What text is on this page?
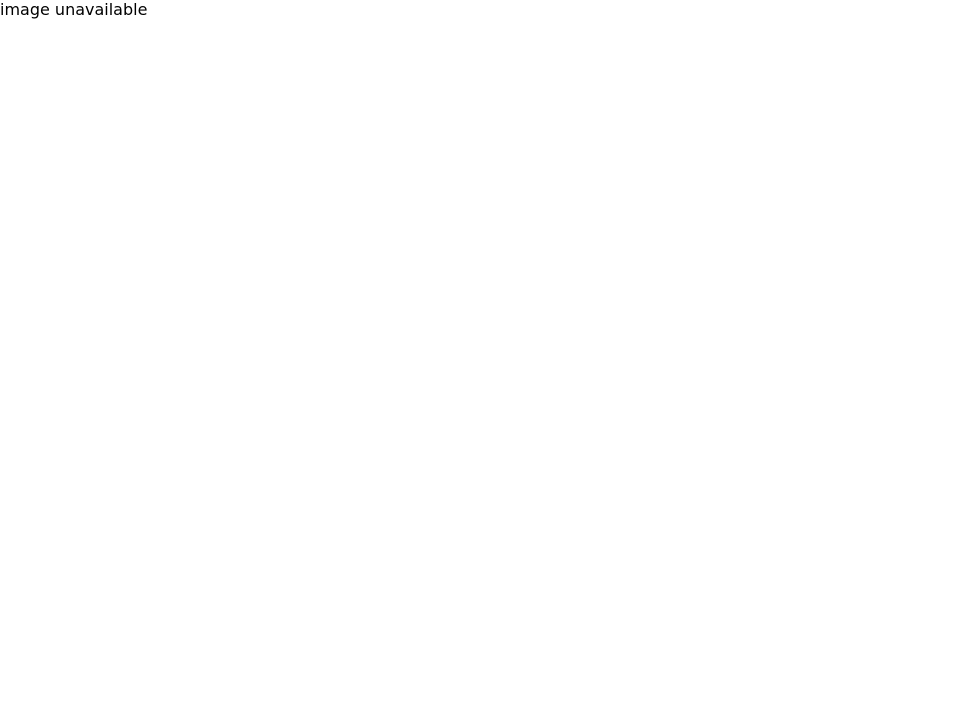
image unavailable
